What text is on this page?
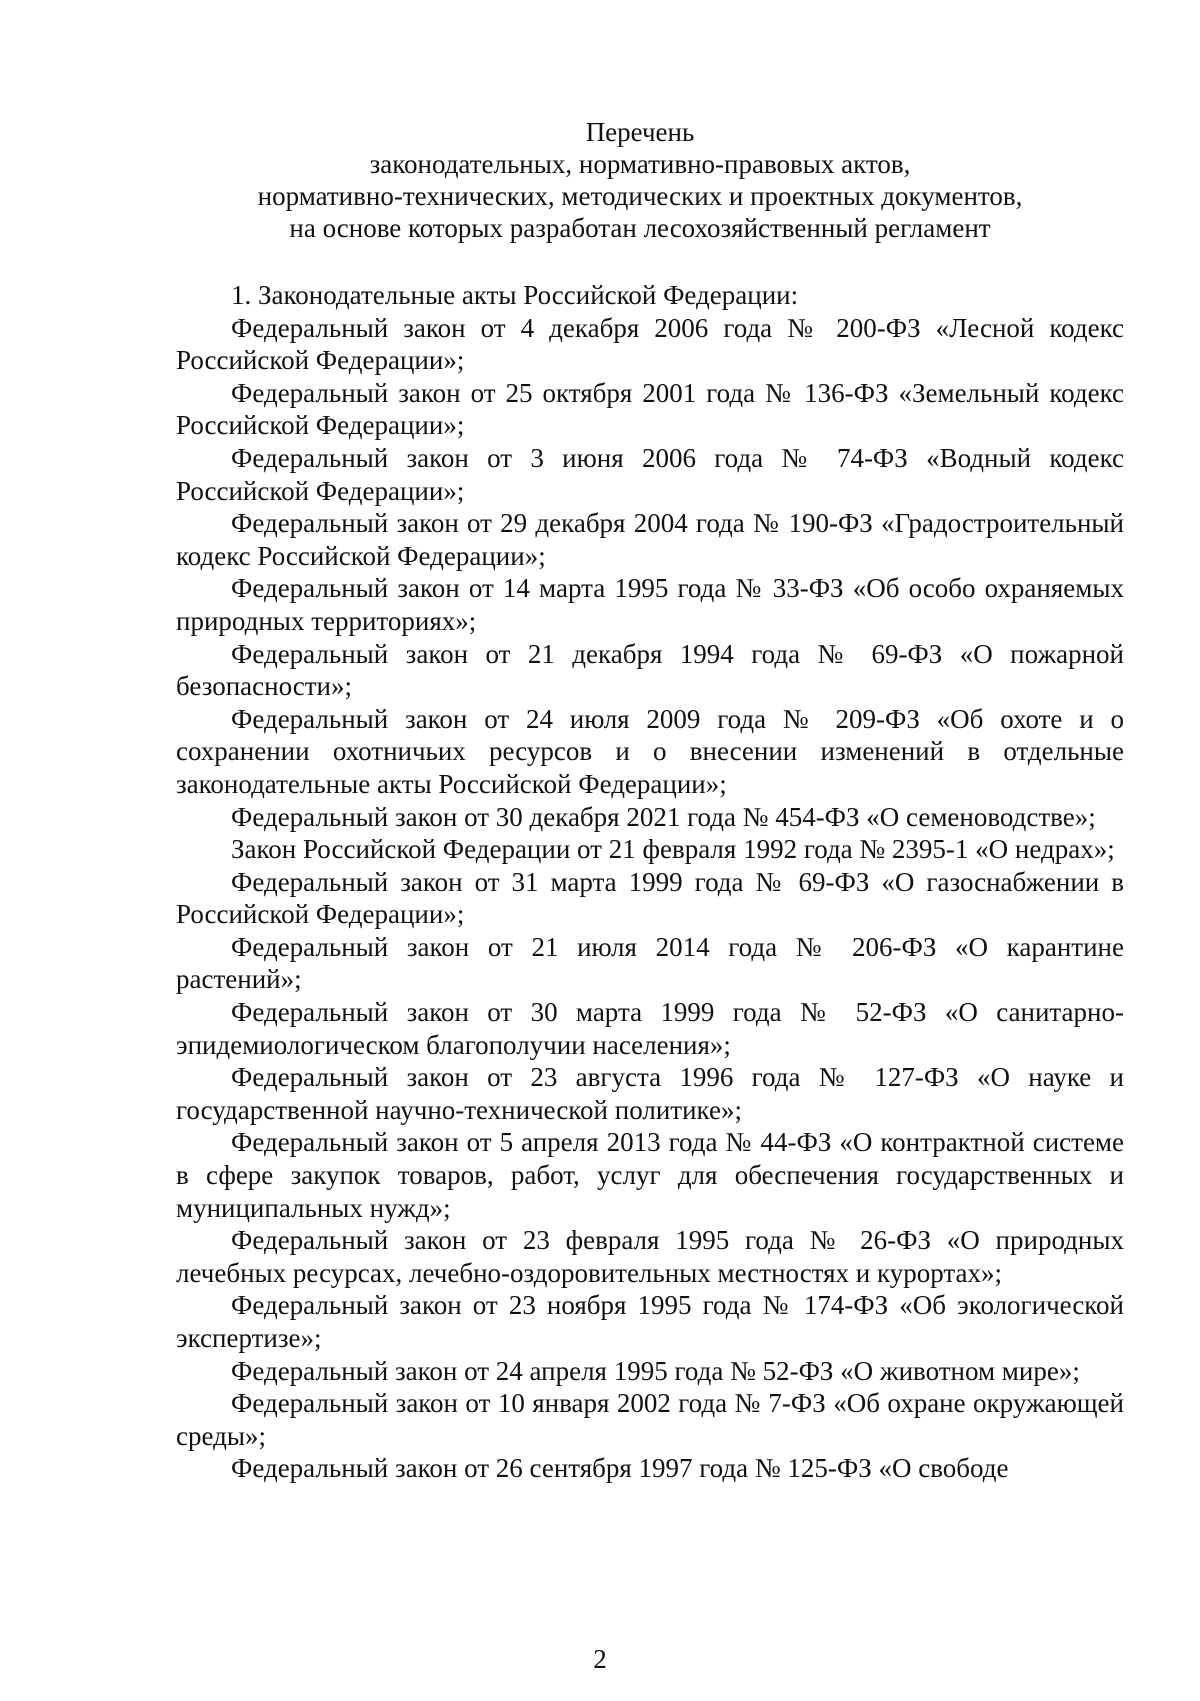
Перечень
законодательных, нормативно-правовых актов,
нормативно-технических, методических и проектных документов,
на основе которых разработан лесохозяйственный регламент

1. Законодательные акты Российской Федерации:

Федеральный закон от 4 декабря 2006 года № 200-ФЗ «Лесной кодекс Российской Федерации»;

Федеральный закон от 25 октября 2001 года № 136-ФЗ «Земельный кодекс Российской Федерации»;

Федеральный закон от 3 июня 2006 года № 74-ФЗ «Водный кодекс Российской Федерации»;

Федеральный закон от 29 декабря 2004 года № 190-ФЗ «Градостроительный кодекс Российской Федерации»;

Федеральный закон от 14 марта 1995 года № 33-ФЗ «Об особо охраняемых природных территориях»;

Федеральный закон от 21 декабря 1994 года № 69-ФЗ «О пожарной безопасности»;

Федеральный закон от 24 июля 2009 года № 209-ФЗ «Об охоте и о сохранении охотничьих ресурсов и о внесении изменений в отдельные законодательные акты Российской Федерации»;

Федеральный закон от 30 декабря 2021 года № 454-ФЗ «О семеноводстве»;

Закон Российской Федерации от 21 февраля 1992 года № 2395-1 «О недрах»;

Федеральный закон от 31 марта 1999 года № 69-ФЗ «О газоснабжении в Российской Федерации»;

Федеральный закон от 21 июля 2014 года № 206-ФЗ «О карантине растений»;

Федеральный закон от 30 марта 1999 года № 52-ФЗ «О санитарно-эпидемиологическом благополучии населения»;

Федеральный закон от 23 августа 1996 года № 127-ФЗ «О науке и государственной научно-технической политике»;

Федеральный закон от 5 апреля 2013 года № 44-ФЗ «О контрактной системе в сфере закупок товаров, работ, услуг для обеспечения государственных и муниципальных нужд»;

Федеральный закон от 23 февраля 1995 года № 26-ФЗ «О природных лечебных ресурсах, лечебно-оздоровительных местностях и курортах»;

Федеральный закон от 23 ноября 1995 года № 174-ФЗ «Об экологической экспертизе»;

Федеральный закон от 24 апреля 1995 года № 52-ФЗ «О животном мире»;

Федеральный закон от 10 января 2002 года № 7-ФЗ «Об охране окружающей среды»;

Федеральный закон от 26 сентября 1997 года № 125-ФЗ «О свободе

2
